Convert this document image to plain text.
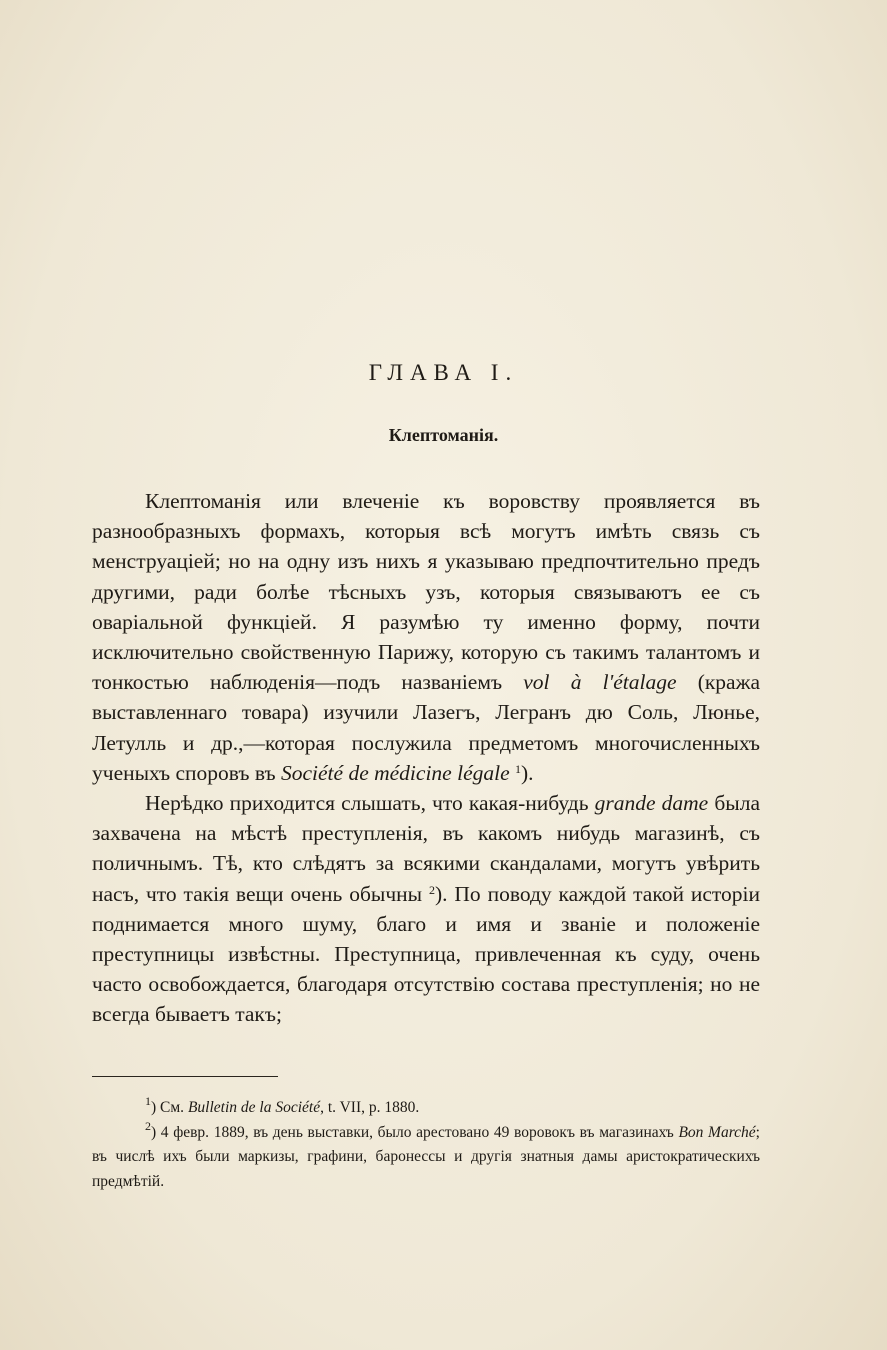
ГЛАВА I.
Клептоманія.

Клептоманія или влеченіе къ воровству проявляется въ разнообразныхъ формахъ, которыя всѣ могутъ имѣть связь съ менструаціей; но на одну изъ нихъ я указываю предпочтительно предъ другими, ради болѣе тѣсныхъ узъ, которыя связываютъ ее съ оваріальной функціей. Я разумѣю ту именно форму, почти исключительно свойственную Парижу, которую съ такимъ талантомъ и тонкостью наблюденія—подъ названіемъ vol à l'étalage (кража выставленнаго товара) изучили Лазегъ, Легранъ дю Соль, Люнье, Летулль и др.,—которая послужила предметомъ многочисленныхъ ученыхъ споровъ въ Société de médicine légale $^1$).

Нерѣдко приходится слышать, что какая-нибудь grande dame была захвачена на мѣстѣ преступленія, въ какомъ нибудь магазинѣ, съ поличнымъ. Тѣ, кто слѣдятъ за всякими скандалами, могутъ увѣрить насъ, что такія вещи очень обычны $^2$). По поводу каждой такой исторіи поднимается много шуму, благо и имя и званіе и положеніе преступницы извѣстны. Преступница, привлеченная къ суду, очень часто освобождается, благодаря отсутствію состава преступленія; но не всегда бываетъ такъ;

$^1$) См. Bulletin de la Société, t. VII, p. 1880.

$^2$) 4 февр. 1889, въ день выставки, было арестовано 49 воровокъ въ магазинахъ Bon Marché; въ числѣ ихъ были маркизы, графини, баронессы и другія знатныя дамы аристократическихъ предмѣтій.
